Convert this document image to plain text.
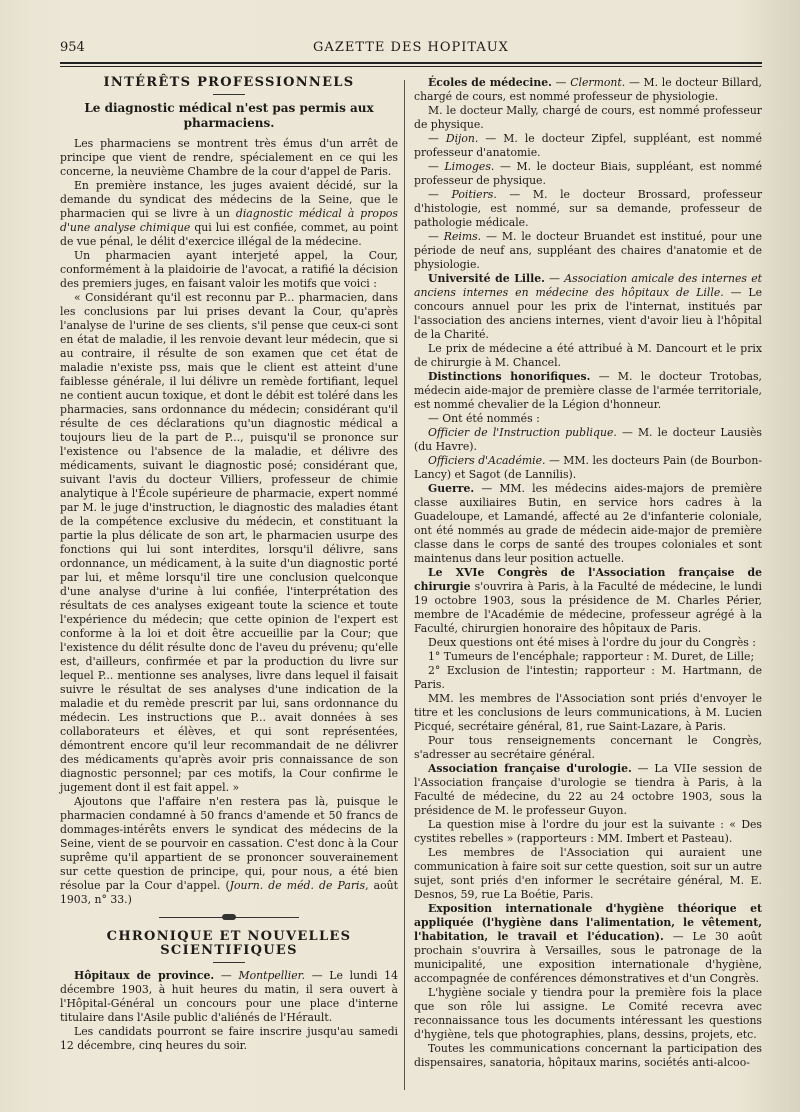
954	GAZETTE DES HOPITAUX

INTÉRÊTS PROFESSIONNELS

Le diagnostic médical n'est pas permis aux pharmaciens.

Les pharmaciens se montrent très émus d'un arrêt de principe que vient de rendre, spécialement en ce qui les concerne, la neuvième Chambre de la cour d'appel de Paris.

En première instance, les juges avaient décidé, sur la demande du syndicat des médecins de la Seine, que le pharmacien qui se livre à un diagnostic médical à propos d'une analyse chimique qui lui est confiée, commet, au point de vue pénal, le délit d'exercice illégal de la médecine.

Un pharmacien ayant interjeté appel, la Cour, conformément à la plaidoirie de l'avocat, a ratifié la décision des premiers juges, en faisant valoir les motifs que voici :

« Considérant qu'il est reconnu par P... pharmacien, dans les conclusions par lui prises devant la Cour, qu'après l'analyse de l'urine de ses clients, s'il pense que ceux-ci sont en état de maladie, il les renvoie devant leur médecin, que si au contraire, il résulte de son examen que cet état de maladie n'existe pss, mais que le client est atteint d'une faiblesse générale, il lui délivre un remède fortifiant, lequel ne contient aucun toxique, et dont le débit est toléré dans les pharmacies, sans ordonnance du médecin; considérant qu'il résulte de ces déclarations qu'un diagnostic médical a toujours lieu de la part de P..., puisqu'il se prononce sur l'existence ou l'absence de la maladie, et délivre des médicaments, suivant le diagnostic posé; considérant que, suivant l'avis du docteur Villiers, professeur de chimie analytique à l'École supérieure de pharmacie, expert nommé par M. le juge d'instruction, le diagnostic des maladies étant de la compétence exclusive du médecin, et constituant la partie la plus délicate de son art, le pharmacien usurpe des fonctions qui lui sont interdites, lorsqu'il délivre, sans ordonnance, un médicament, à la suite d'un diagnostic porté par lui, et même lorsqu'il tire une conclusion quelconque d'une analyse d'urine à lui confiée, l'interprétation des résultats de ces analyses exigeant toute la science et toute l'expérience du médecin; que cette opinion de l'expert est conforme à la loi et doit être accueillie par la Cour; que l'existence du délit résulte donc de l'aveu du prévenu; qu'elle est, d'ailleurs, confirmée et par la production du livre sur lequel P... mentionne ses analyses, livre dans lequel il faisait suivre le résultat de ses analyses d'une indication de la maladie et du remède prescrit par lui, sans ordonnance du médecin. Les instructions que P... avait données à ses collaborateurs et élèves, et qui sont représentées, démontrent encore qu'il leur recommandait de ne délivrer des médicaments qu'après avoir pris connaissance de son diagnostic personnel; par ces motifs, la Cour confirme le jugement dont il est fait appel. »

Ajoutons que l'affaire n'en restera pas là, puisque le pharmacien condamné à 50 francs d'amende et 50 francs de dommages-intérêts envers le syndicat des médecins de la Seine, vient de se pourvoir en cassation. C'est donc à la Cour suprême qu'il appartient de se prononcer souverainement sur cette question de principe, qui, pour nous, a été bien résolue par la Cour d'appel. (Journ. de méd. de Paris, août 1903, n° 33.)

CHRONIQUE ET NOUVELLES SCIENTIFIQUES

Hôpitaux de province. — Montpellier. — Le lundi 14 décembre 1903, à huit heures du matin, il sera ouvert à l'Hôpital-Général un concours pour une place d'interne titulaire dans l'Asile public d'aliénés de l'Hérault.

Les candidats pourront se faire inscrire jusqu'au samedi 12 décembre, cinq heures du soir.

Écoles de médecine. — Clermont. — M. le docteur Billard, chargé de cours, est nommé professeur de physiologie.

M. le docteur Mally, chargé de cours, est nommé professeur de physique.

— Dijon. — M. le docteur Zipfel, suppléant, est nommé professeur d'anatomie.

— Limoges. — M. le docteur Biais, suppléant, est nommé professeur de physique.

— Poitiers. — M. le docteur Brossard, professeur d'histologie, est nommé, sur sa demande, professeur de pathologie médicale.

— Reims. — M. le docteur Bruandet est institué, pour une période de neuf ans, suppléant des chaires d'anatomie et de physiologie.

Université de Lille. — Association amicale des internes et anciens internes en médecine des hôpitaux de Lille. — Le concours annuel pour les prix de l'internat, institués par l'association des anciens internes, vient d'avoir lieu à l'hôpital de la Charité.

Le prix de médecine a été attribué à M. Dancourt et le prix de chirurgie à M. Chancel.

Distinctions honorifiques. — M. le docteur Trotobas, médecin aide-major de première classe de l'armée territoriale, est nommé chevalier de la Légion d'honneur.

— Ont été nommés :

Officier de l'Instruction publique. — M. le docteur Lausiès (du Havre).

Officiers d'Académie. — MM. les docteurs Pain (de Bourbon-Lancy) et Sagot (de Lannilis).

Guerre. — MM. les médecins aides-majors de première classe auxiliaires Butin, en service hors cadres à la Guadeloupe, et Lamandé, affecté au 2e d'infanterie coloniale, ont été nommés au grade de médecin aide-major de première classe dans le corps de santé des troupes coloniales et sont maintenus dans leur position actuelle.

Le XVIe Congrès de l'Association française de chirurgie s'ouvrira à Paris, à la Faculté de médecine, le lundi 19 octobre 1903, sous la présidence de M. Charles Périer, membre de l'Académie de médecine, professeur agrégé à la Faculté, chirurgien honoraire des hôpitaux de Paris.

Deux questions ont été mises à l'ordre du jour du Congrès :

1° Tumeurs de l'encéphale; rapporteur : M. Duret, de Lille;

2° Exclusion de l'intestin; rapporteur : M. Hartmann, de Paris.

MM. les membres de l'Association sont priés d'envoyer le titre et les conclusions de leurs communications, à M. Lucien Picqué, secrétaire général, 81, rue Saint-Lazare, à Paris.

Pour tous renseignements concernant le Congrès, s'adresser au secrétaire général.

Association française d'urologie. — La VIIe session de l'Association française d'urologie se tiendra à Paris, à la Faculté de médecine, du 22 au 24 octobre 1903, sous la présidence de M. le professeur Guyon.

La question mise à l'ordre du jour est la suivante : « Des cystites rebelles » (rapporteurs : MM. Imbert et Pasteau).

Les membres de l'Association qui auraient une communication à faire soit sur cette question, soit sur un autre sujet, sont priés d'en informer le secrétaire général, M. E. Desnos, 59, rue La Boétie, Paris.

Exposition internationale d'hygiène théorique et appliquée (l'hygiène dans l'alimentation, le vêtement, l'habitation, le travail et l'éducation). — Le 30 août prochain s'ouvrira à Versailles, sous le patronage de la municipalité, une exposition internationale d'hygiène, accompagnée de conférences démonstratives et d'un Congrès.

L'hygiène sociale y tiendra pour la première fois la place que son rôle lui assigne. Le Comité recevra avec reconnaissance tous les documents intéressant les questions d'hygiène, tels que photographies, plans, dessins, projets, etc.

Toutes les communications concernant la participation des dispensaires, sanatoria, hôpitaux marins, sociétés anti-alcoo-
